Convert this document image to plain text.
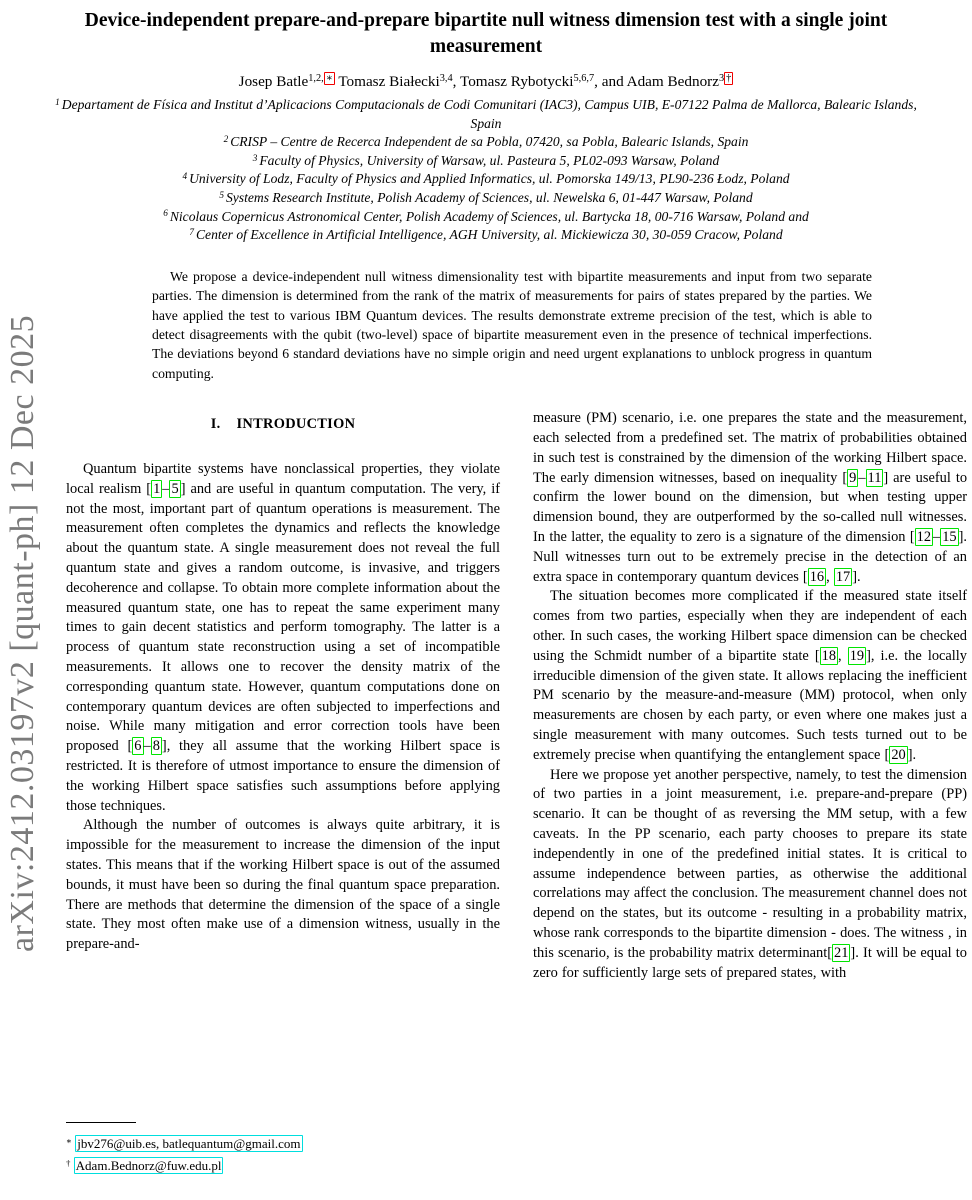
arXiv:2412.03197v2 [quant-ph] 12 Dec 2025
Device-independent prepare-and-prepare bipartite null witness dimension test with a single joint measurement
Josep Batle$^{1,2,}$ ∗ Tomasz Białecki$^{3,4}$, Tomasz Rybotycki$^{5,6,7}$, and Adam Bednorz$^3$ †
$^1$ Departament de Física and Institut d’Aplicacions Computacionals de Codi Comunitari (IAC3), Campus UIB, E-07122 Palma de Mallorca, Balearic Islands, Spain
$^2$ CRISP – Centre de Recerca Independent de sa Pobla, 07420, sa Pobla, Balearic Islands, Spain
$^3$ Faculty of Physics, University of Warsaw, ul. Pasteura 5, PL02-093 Warsaw, Poland
$^4$ University of Lodz, Faculty of Physics and Applied Informatics, ul. Pomorska 149/13, PL90-236 Łodz, Poland
$^5$ Systems Research Institute, Polish Academy of Sciences, ul. Newelska 6, 01-447 Warsaw, Poland
$^6$ Nicolaus Copernicus Astronomical Center, Polish Academy of Sciences, ul. Bartycka 18, 00-716 Warsaw, Poland and
$^7$ Center of Excellence in Artificial Intelligence, AGH University, al. Mickiewicza 30, 30-059 Cracow, Poland
We propose a device-independent null witness dimensionality test with bipartite measurements and input from two separate parties. The dimension is determined from the rank of the matrix of measurements for pairs of states prepared by the parties. We have applied the test to various IBM Quantum devices. The results demonstrate extreme precision of the test, which is able to detect disagreements with the qubit (two-level) space of bipartite measurement even in the presence of technical imperfections. The deviations beyond 6 standard deviations have no simple origin and need urgent explanations to unblock progress in quantum computing.
I. INTRODUCTION

Quantum bipartite systems have nonclassical properties, they violate local realism [ 1 – 5 ] and are useful in quantum computation. The very, if not the most, important part of quantum operations is measurement. The measurement often completes the dynamics and reflects the knowledge about the quantum state. A single measurement does not reveal the full quantum state and gives a random outcome, is invasive, and triggers decoherence and collapse. To obtain more complete information about the measured quantum state, one has to repeat the same experiment many times to gain decent statistics and perform tomography. The latter is a process of quantum state reconstruction using a set of incompatible measurements. It allows one to recover the density matrix of the corresponding quantum state. However, quantum computations done on contemporary quantum devices are often subjected to imperfections and noise. While many mitigation and error correction tools have been proposed [ 6 – 8 ], they all assume that the working Hilbert space is restricted. It is therefore of utmost importance to ensure the dimension of the working Hilbert space satisfies such assumptions before applying those techniques.

Although the number of outcomes is always quite arbitrary, it is impossible for the measurement to increase the dimension of the input states. This means that if the working Hilbert space is out of the assumed bounds, it must have been so during the final quantum space preparation. There are methods that determine the dimension of the space of a single state. They most often make use of a dimension witness, usually in the prepare-and-

measure (PM) scenario, i.e. one prepares the state and the measurement, each selected from a predefined set. The matrix of probabilities obtained in such test is constrained by the dimension of the working Hilbert space. The early dimension witnesses, based on inequality [ 9 – 11 ] are useful to confirm the lower bound on the dimension, but when testing upper dimension bound, they are outperformed by the so-called null witnesses. In the latter, the equality to zero is a signature of the dimension [ 12 – 15 ]. Null witnesses turn out to be extremely precise in the detection of an extra space in contemporary quantum devices [ 16 , 17 ].

The situation becomes more complicated if the measured state itself comes from two parties, especially when they are independent of each other. In such cases, the working Hilbert space dimension can be checked using the Schmidt number of a bipartite state [ 18 , 19 ], i.e. the locally irreducible dimension of the given state. It allows replacing the inefficient PM scenario by the measure-and-measure (MM) protocol, when only measurements are chosen by each party, or even where one makes just a single measurement with many outcomes. Such tests turned out to be extremely precise when quantifying the entanglement space [ 20 ].

Here we propose yet another perspective, namely, to test the dimension of two parties in a joint measurement, i.e. prepare-and-prepare (PP) scenario. It can be thought of as reversing the MM setup, with a few caveats. In the PP scenario, each party chooses to prepare its state independently in one of the predefined initial states. It is critical to assume independence between parties, as otherwise the additional correlations may affect the conclusion. The measurement channel does not depend on the states, but its outcome - resulting in a probability matrix, whose rank corresponds to the bipartite dimension - does. The witness , in this scenario, is the probability matrix determinant[ 21 ]. It will be equal to zero for sufficiently large sets of prepared states, with

∗ jbv276@uib.es, batlequantum@gmail.com
† Adam.Bednorz@fuw.edu.pl
